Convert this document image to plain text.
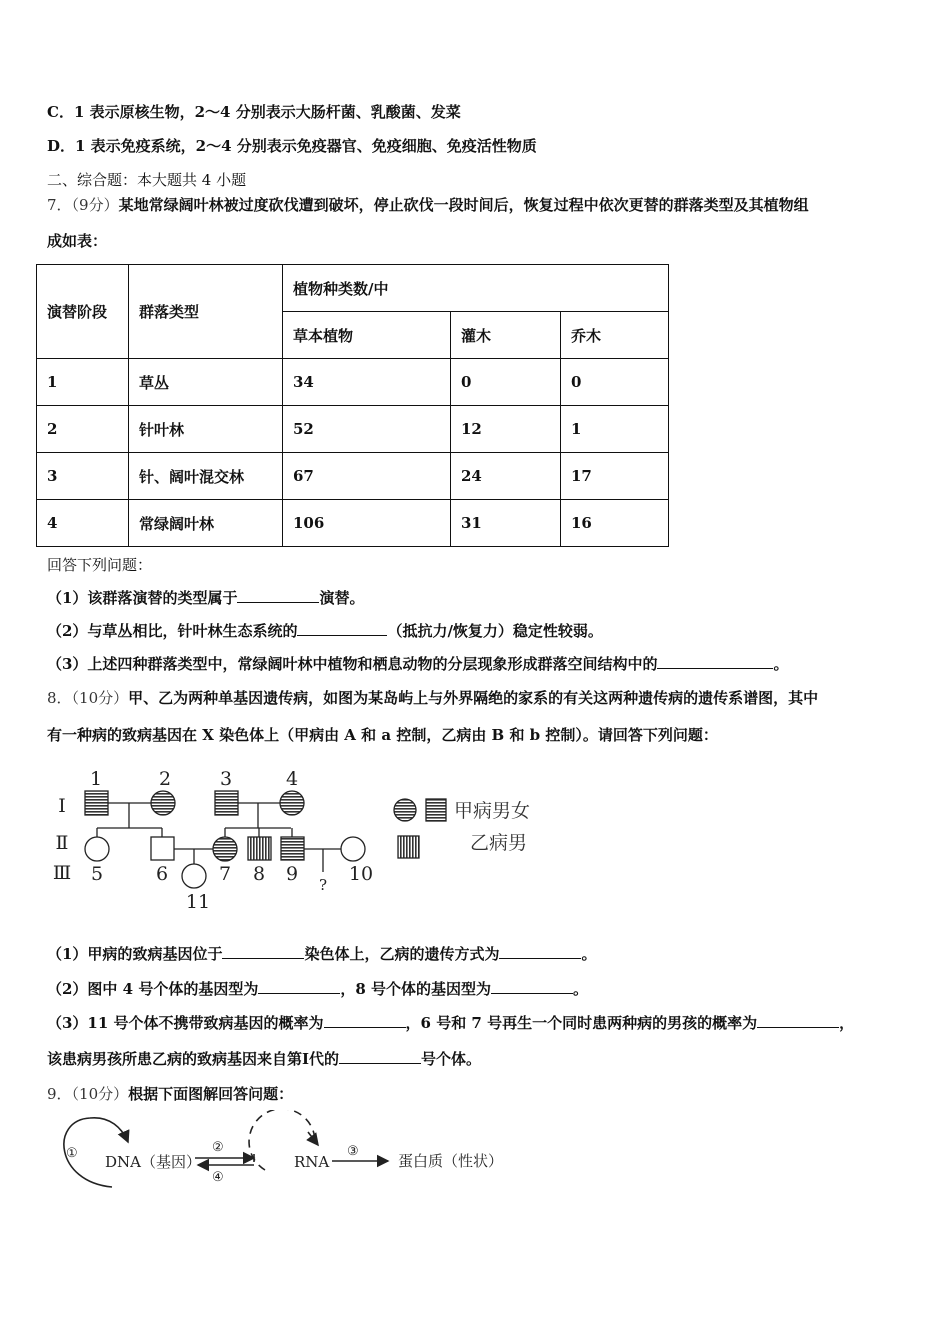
C．1 表示原核生物，2～4 分别表示大肠杆菌、乳酸菌、发菜
D．1 表示免疫系统，2～4 分别表示免疫器官、免疫细胞、免疫活性物质
二、综合题：本大题共 4 小题
7．（9分）某地常绿阔叶林被过度砍伐遭到破坏，停止砍伐一段时间后，恢复过程中依次更替的群落类型及其植物组
成如表：
演替阶段	群落类型	植物种类数/中		
		草本植物	灌木	乔木
1	草丛	34	0	0
2	针叶林	52	12	1
3	针、阔叶混交林	67	24	17
4	常绿阔叶林	106	31	16
回答下列问题：
（1）该群落演替的类型属于	演替。
（2）与草丛相比，针叶林生态系统的	（抵抗力/恢复力）稳定性较弱。
（3）上述四种群落类型中，常绿阔叶林中植物和栖息动物的分层现象形成群落空间结构中的	。
8．（10分）甲、乙为两种单基因遗传病，如图为某岛屿上与外界隔绝的家系的有关这两种遗传病的遗传系谱图，其中
有一种病的致病基因在 X 染色体上（甲病由 A 和 a 控制，乙病由 B 和 b 控制）。请回答下列问题：
Ⅰ
Ⅱ
Ⅲ
1	2	3	4
5	6	7 8 9	10
11
?
甲病男女
乙病男
（1）甲病的致病基因位于	染色体上，乙病的遗传方式为	。
（2）图中 4 号个体的基因型为	，8 号个体的基因型为	。
（3）11 号个体不携带致病基因的概率为	，6 号和 7 号再生一个同时患两种病的男孩的概率为	，
该患病男孩所患乙病的致病基因来自第Ⅰ代的	号个体。
9．（10分）根据下面图解回答问题：
①	②
④
③
DNA（基因）	RNA	蛋白质（性状）
